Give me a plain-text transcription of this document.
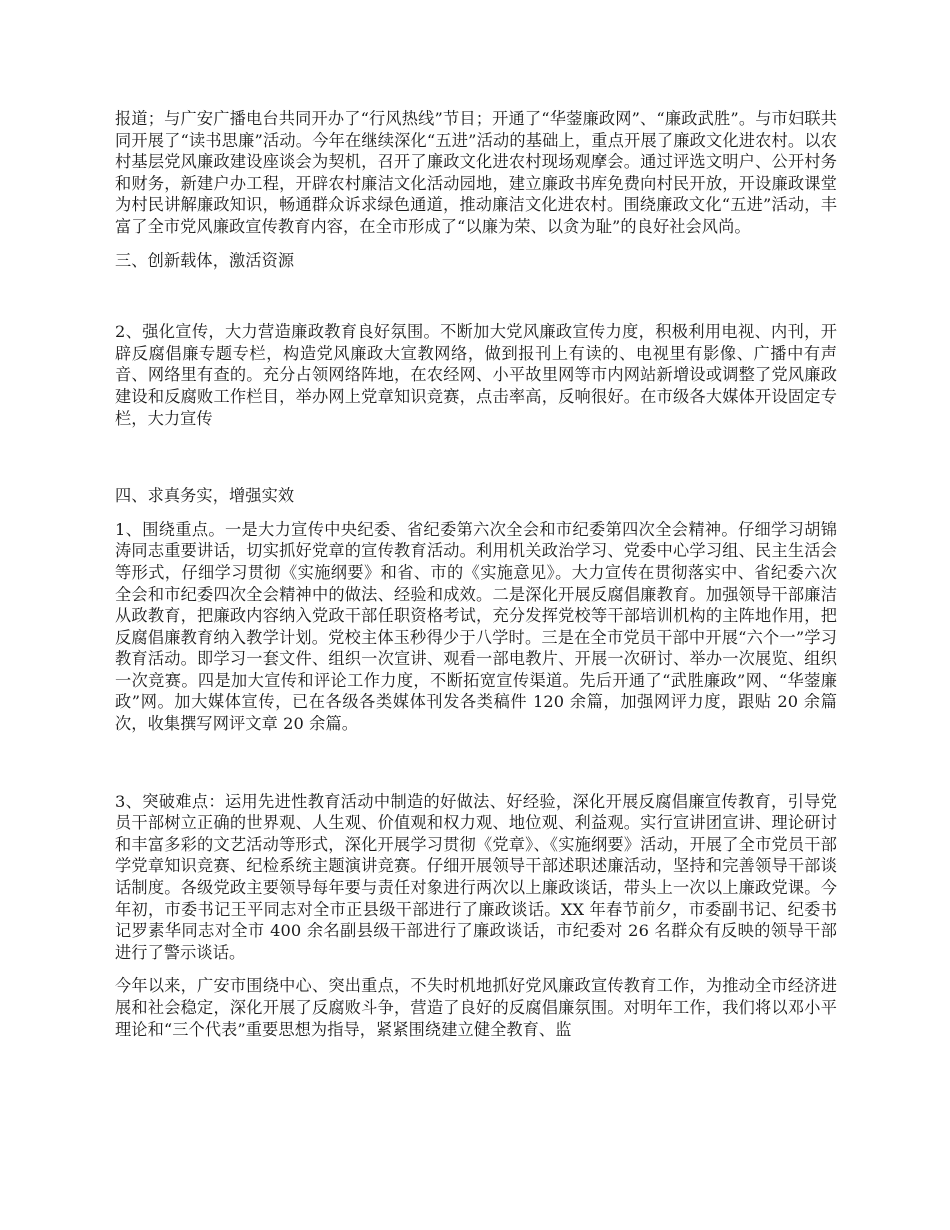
报道；与广安广播电台共同开办了“行风热线”节目；开通了“华蓥廉政网”、“廉政武胜”。与市妇联共同开展了“读书思廉”活动。今年在继续深化“五进”活动的基础上，重点开展了廉政文化进农村。以农村基层党风廉政建设座谈会为契机，召开了廉政文化进农村现场观摩会。通过评选文明户、公开村务和财务，新建户办工程，开辟农村廉洁文化活动园地，建立廉政书库免费向村民开放，开设廉政课堂为村民讲解廉政知识，畅通群众诉求绿色通道，推动廉洁文化进农村。围绕廉政文化“五进”活动，丰富了全市党风廉政宣传教育内容，在全市形成了“以廉为荣、以贪为耻”的良好社会风尚。

三、创新载体，激活资源

2、强化宣传，大力营造廉政教育良好氛围。不断加大党风廉政宣传力度，积极利用电视、内刊，开辟反腐倡廉专题专栏，构造党风廉政大宣教网络，做到报刊上有读的、电视里有影像、广播中有声音、网络里有查的。充分占领网络阵地，在农经网、小平故里网等市内网站新增设或调整了党风廉政建设和反腐败工作栏目，举办网上党章知识竞赛，点击率高，反响很好。在市级各大媒体开设固定专栏，大力宣传

四、求真务实，增强实效

1、围绕重点。一是大力宣传中央纪委、省纪委第六次全会和市纪委第四次全会精神。仔细学习胡锦涛同志重要讲话，切实抓好党章的宣传教育活动。利用机关政治学习、党委中心学习组、民主生活会等形式，仔细学习贯彻《实施纲要》和省、市的《实施意见》。大力宣传在贯彻落实中、省纪委六次全会和市纪委四次全会精神中的做法、经验和成效。二是深化开展反腐倡廉教育。加强领导干部廉洁从政教育，把廉政内容纳入党政干部任职资格考试，充分发挥党校等干部培训机构的主阵地作用，把反腐倡廉教育纳入教学计划。党校主体玉秒得少于八学时。三是在全市党员干部中开展“六个一”学习教育活动。即学习一套文件、组织一次宣讲、观看一部电教片、开展一次研讨、举办一次展览、组织一次竞赛。四是加大宣传和评论工作力度，不断拓宽宣传渠道。先后开通了“武胜廉政”网、“华蓥廉政”网。加大媒体宣传，已在各级各类媒体刊发各类稿件 120 余篇，加强网评力度，跟贴 20 余篇次，收集撰写网评文章 20 余篇。

3、突破难点：运用先进性教育活动中制造的好做法、好经验，深化开展反腐倡廉宣传教育，引导党员干部树立正确的世界观、人生观、价值观和权力观、地位观、利益观。实行宣讲团宣讲、理论研讨和丰富多彩的文艺活动等形式，深化开展学习贯彻《党章》、《实施纲要》活动，开展了全市党员干部学党章知识竞赛、纪检系统主题演讲竞赛。仔细开展领导干部述职述廉活动，坚持和完善领导干部谈话制度。各级党政主要领导每年要与责任对象进行两次以上廉政谈话，带头上一次以上廉政党课。今年初，市委书记王平同志对全市正县级干部进行了廉政谈话。XX 年春节前夕，市委副书记、纪委书记罗素华同志对全市 400 余名副县级干部进行了廉政谈话，市纪委对 26 名群众有反映的领导干部进行了警示谈话。

今年以来，广安市围绕中心、突出重点，不失时机地抓好党风廉政宣传教育工作，为推动全市经济进展和社会稳定，深化开展了反腐败斗争，营造了良好的反腐倡廉氛围。对明年工作，我们将以邓小平理论和“三个代表”重要思想为指导，紧紧围绕建立健全教育、监
